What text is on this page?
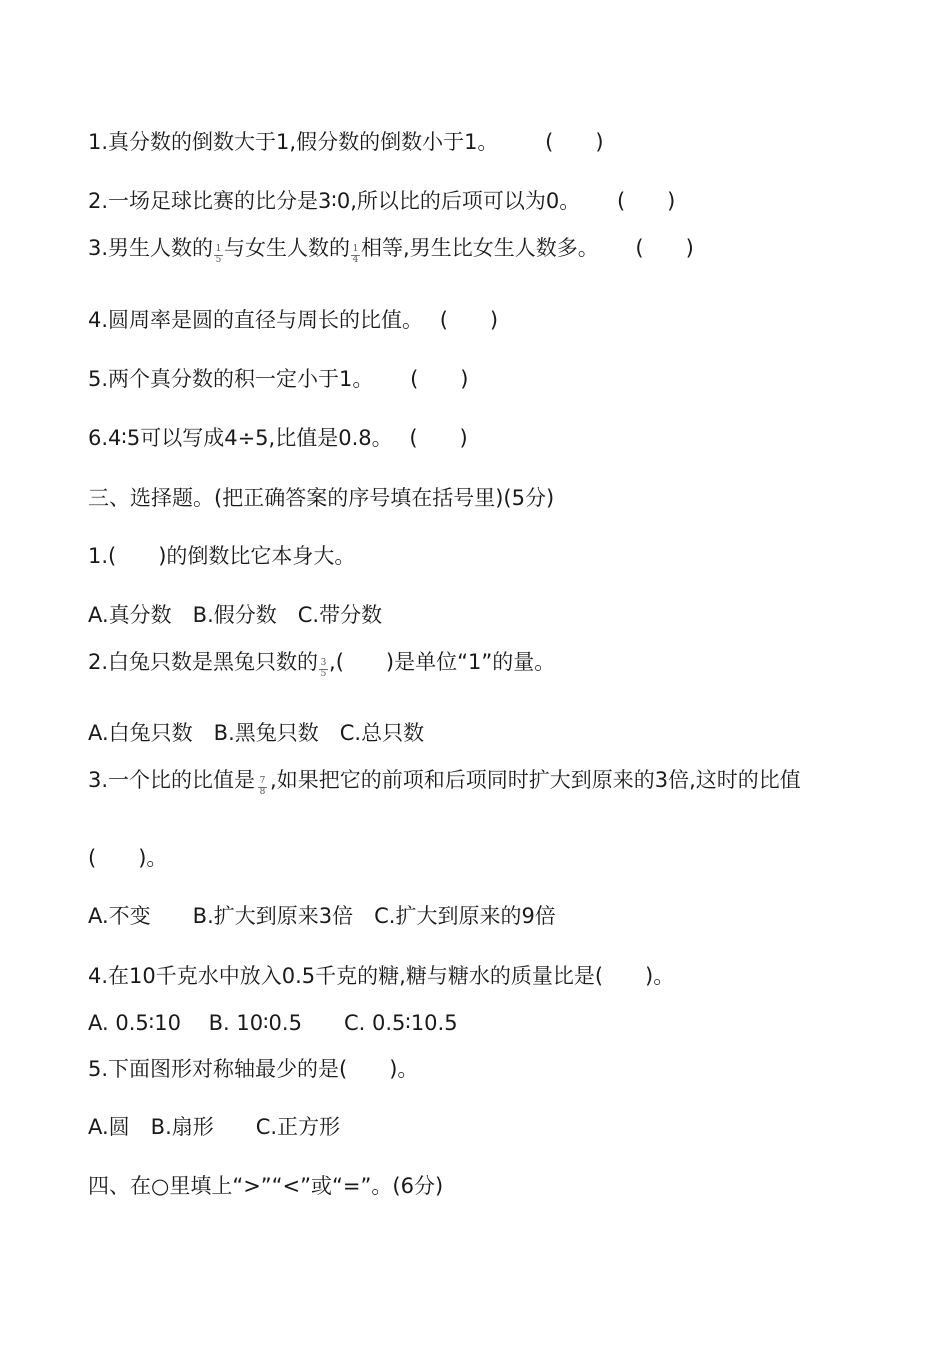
1.真分数的倒数大于1,假分数的倒数小于1。 (　　)
2.一场足球比赛的比分是3∶0,所以比的后项可以为0。 (　　)
3.男生人数的 $\frac{1}{5}$ 与女生人数的 $\frac{1}{4}$ 相等,男生比女生人数多。 (　　)
4.圆周率是圆的直径与周长的比值。 (　　)
5.两个真分数的积一定小于1。 (　　)
6.4∶5可以写成4÷5,比值是0.8。 (　　)
三、选择题。(把正确答案的序号填在括号里)(5分)
1.(　　)的倒数比它本身大。
A.真分数　B.假分数　C.带分数
2.白兔只数是黑兔只数的 $\frac{3}{5}$ ,(　　)是单位“1”的量。
A.白兔只数　B.黑兔只数　C.总只数
3.一个比的比值是 $\frac{7}{8}$ ,如果把它的前项和后项同时扩大到原来的3倍,这时的比值
(　　)。
A.不变　　B.扩大到原来3倍　C.扩大到原来的9倍
4.在10千克水中放入0.5千克的糖,糖与糖水的质量比是(　　)。
A. 0.5∶10　 B. 10∶0.5　　C. 0.5∶10.5
5.下面图形对称轴最少的是(　　)。
A.圆　B.扇形　　C.正方形
四、在○里填上“>”“<”或“=”。(6分)
